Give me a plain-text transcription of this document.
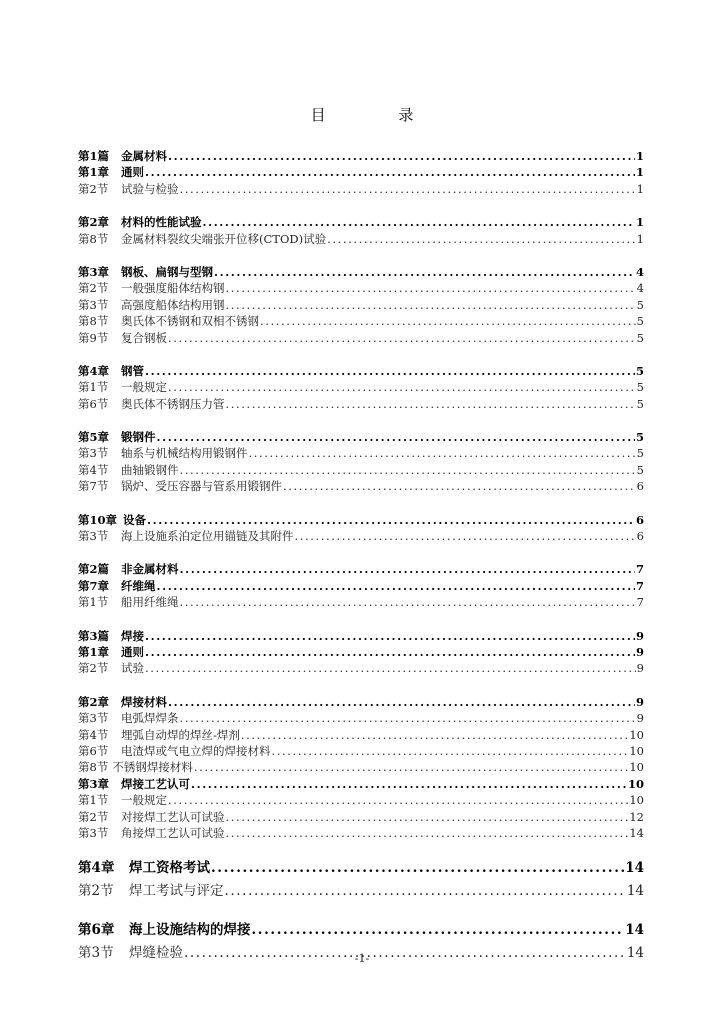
目 录
第1篇	金属材料 .....	1
第1章	通则 .....	1
第2节	试验与检验 .....	1
第2章	材料的性能试验 .....	1
第8节	金属材料裂纹尖端张开位移(CTOD)试验 .....	1
第3章	钢板、扁钢与型钢 .....	4
第2节	一般强度船体结构钢 .....	4
第3节	高强度船体结构用钢 .....	5
第8节	奥氏体不锈钢和双相不锈钢 .....	5
第9节	复合钢板 .....	5
第4章	钢管 .....	5
第1节	一般规定 .....	5
第6节	奥氏体不锈钢压力管 .....	5
第5章	锻钢件 .....	5
第3节	轴系与机械结构用锻钢件 .....	5
第4节	曲轴锻钢件 .....	5
第7节	锅炉、受压容器与管系用锻钢件 .....	6
第10章 设备 .....	6
第3节	海上设施系泊定位用锚链及其附件 .....	6
第2篇	非金属材料 .....	7
第7章	纤维绳 .....	7
第1节	船用纤维绳 .....	7
第3篇	焊接 .....	9
第1章	通则 .....	9
第2节	试验 .....	9
第2章	焊接材料 .....	9
第3节	电弧焊焊条 .....	9
第4节	埋弧自动焊的焊丝-焊剂 .....	10
第6节	电渣焊或气电立焊的焊接材料 .....	10
第8节 不锈钢焊接材料 .....	10
第3章	焊接工艺认可 .....	10
第1节	一般规定 .....	10
第2节	对接焊工艺认可试验 .....	12
第3节	角接焊工艺认可试验 .....	14
第4章	焊工资格考试 .....	14
第2节	焊工考试与评定 .....	14
第6章	海上设施结构的焊接 .....	14
第3节	焊缝检验 .....	14
-1-
